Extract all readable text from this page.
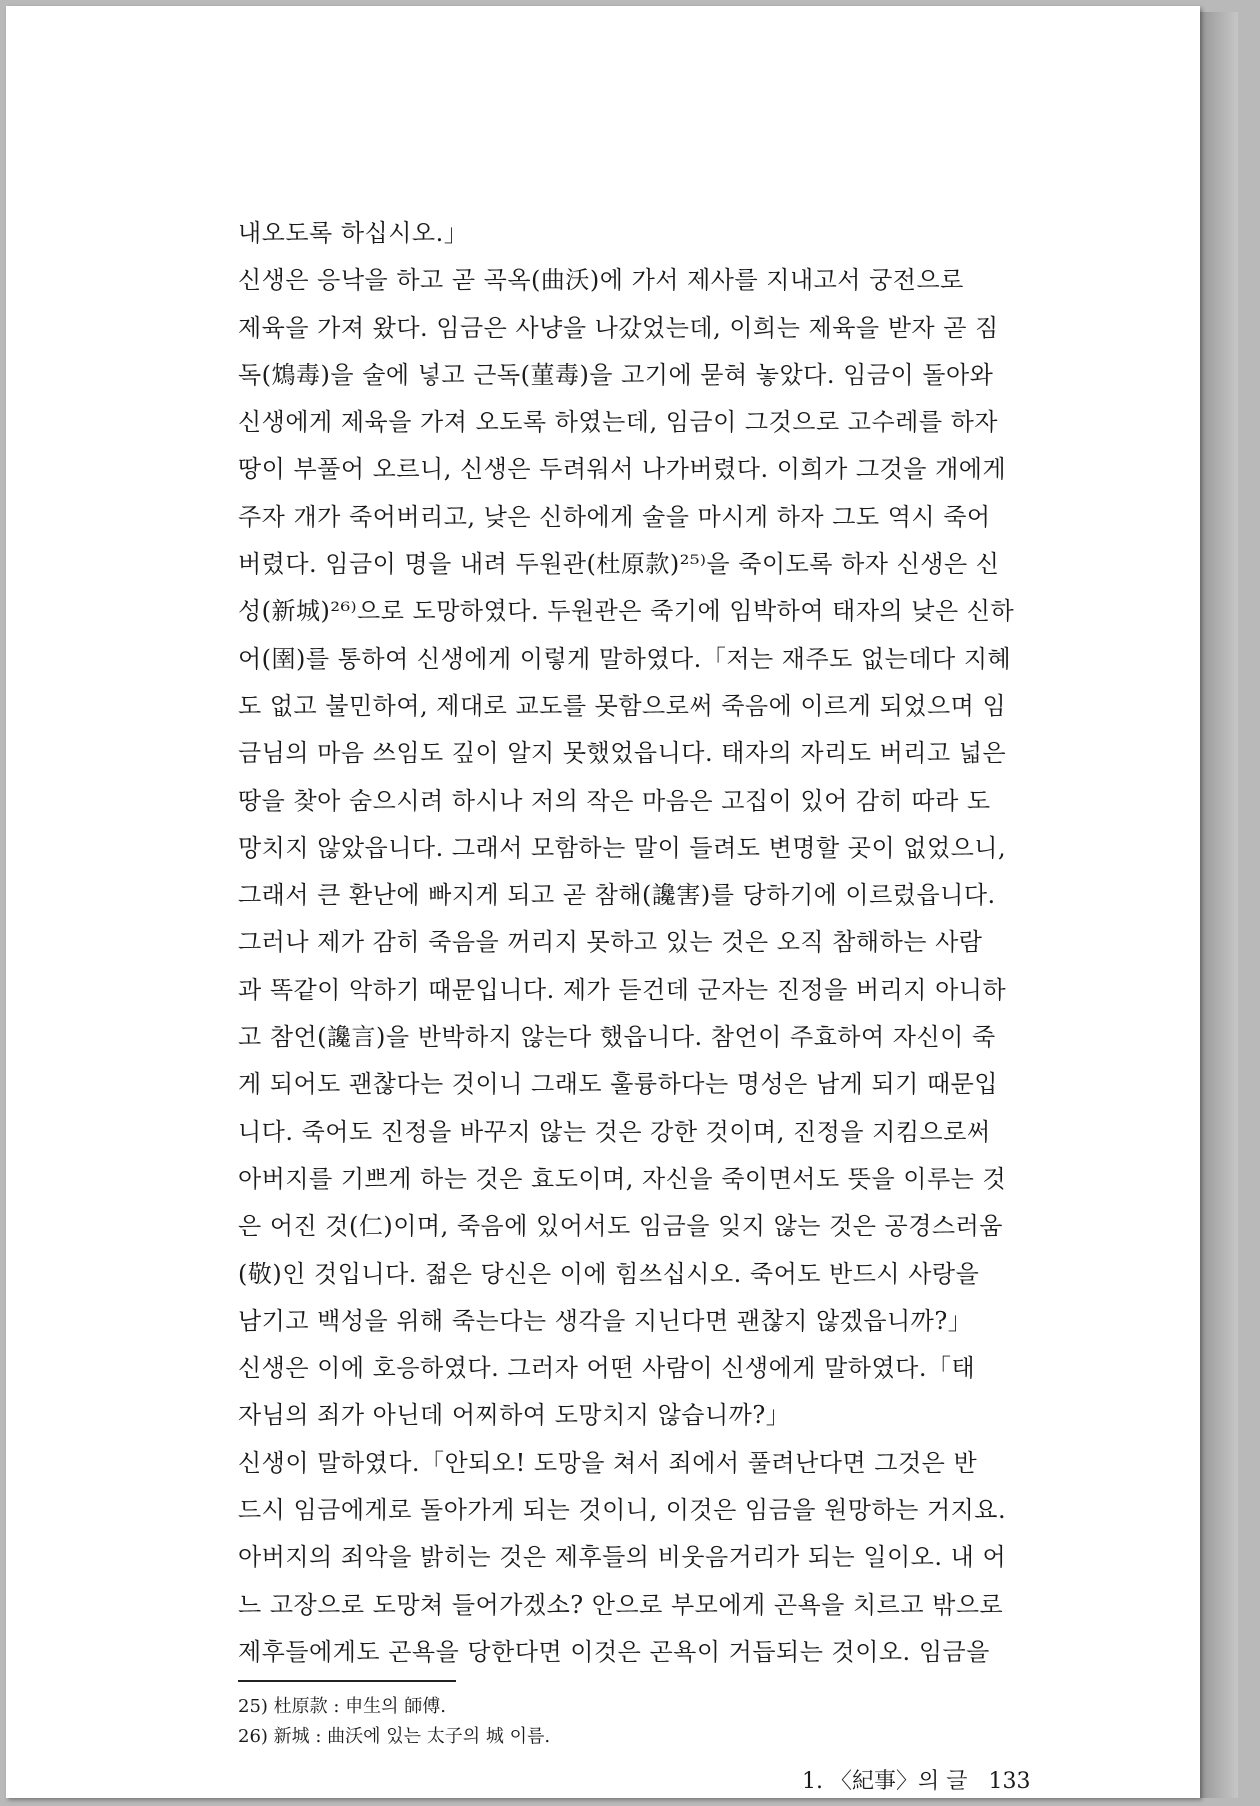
내오도록 하십시오.」
신생은 응낙을 하고 곧 곡옥(曲沃)에 가서 제사를 지내고서 궁전으로
제육을 가져 왔다. 임금은 사냥을 나갔었는데, 이희는 제육을 받자 곧 짐
독(鴆毒)을 술에 넣고 근독(菫毒)을 고기에 묻혀 놓았다. 임금이 돌아와
신생에게 제육을 가져 오도록 하였는데, 임금이 그것으로 고수레를 하자
땅이 부풀어 오르니, 신생은 두려워서 나가버렸다. 이희가 그것을 개에게
주자 개가 죽어버리고, 낮은 신하에게 술을 마시게 하자 그도 역시 죽어
버렸다. 임금이 명을 내려 두원관(杜原款)²⁵⁾을 죽이도록 하자 신생은 신
성(新城)²⁶⁾으로 도망하였다. 두원관은 죽기에 임박하여 태자의 낮은 신하
어(圉)를 통하여 신생에게 이렇게 말하였다.「저는 재주도 없는데다 지혜
도 없고 불민하여, 제대로 교도를 못함으로써 죽음에 이르게 되었으며 임
금님의 마음 쓰임도 깊이 알지 못했었읍니다. 태자의 자리도 버리고 넓은
땅을 찾아 숨으시려 하시나 저의 작은 마음은 고집이 있어 감히 따라 도
망치지 않았읍니다. 그래서 모함하는 말이 들려도 변명할 곳이 없었으니,
그래서 큰 환난에 빠지게 되고 곧 참해(讒害)를 당하기에 이르렀읍니다.
그러나 제가 감히 죽음을 꺼리지 못하고 있는 것은 오직 참해하는 사람
과 똑같이 악하기 때문입니다. 제가 듣건데 군자는 진정을 버리지 아니하
고 참언(讒言)을 반박하지 않는다 했읍니다. 참언이 주효하여 자신이 죽
게 되어도 괜찮다는 것이니 그래도 훌륭하다는 명성은 남게 되기 때문입
니다. 죽어도 진정을 바꾸지 않는 것은 강한 것이며, 진정을 지킴으로써
아버지를 기쁘게 하는 것은 효도이며, 자신을 죽이면서도 뜻을 이루는 것
은 어진 것(仁)이며, 죽음에 있어서도 임금을 잊지 않는 것은 공경스러움
(敬)인 것입니다. 젊은 당신은 이에 힘쓰십시오. 죽어도 반드시 사랑을
남기고 백성을 위해 죽는다는 생각을 지닌다면 괜찮지 않겠읍니까?」
신생은 이에 호응하였다. 그러자 어떤 사람이 신생에게 말하였다.「태
자님의 죄가 아닌데 어찌하여 도망치지 않습니까?」
신생이 말하였다.「안되오! 도망을 쳐서 죄에서 풀려난다면 그것은 반
드시 임금에게로 돌아가게 되는 것이니, 이것은 임금을 원망하는 거지요.
아버지의 죄악을 밝히는 것은 제후들의 비웃음거리가 되는 일이오. 내 어
느 고장으로 도망쳐 들어가겠소? 안으로 부모에게 곤욕을 치르고 밖으로
제후들에게도 곤욕을 당한다면 이것은 곤욕이 거듭되는 것이오. 임금을
25) 杜原款 : 申生의 師傅.
26) 新城 : 曲沃에 있는 太子의 城 이름.
1. 〈紀事〉의 글 133
